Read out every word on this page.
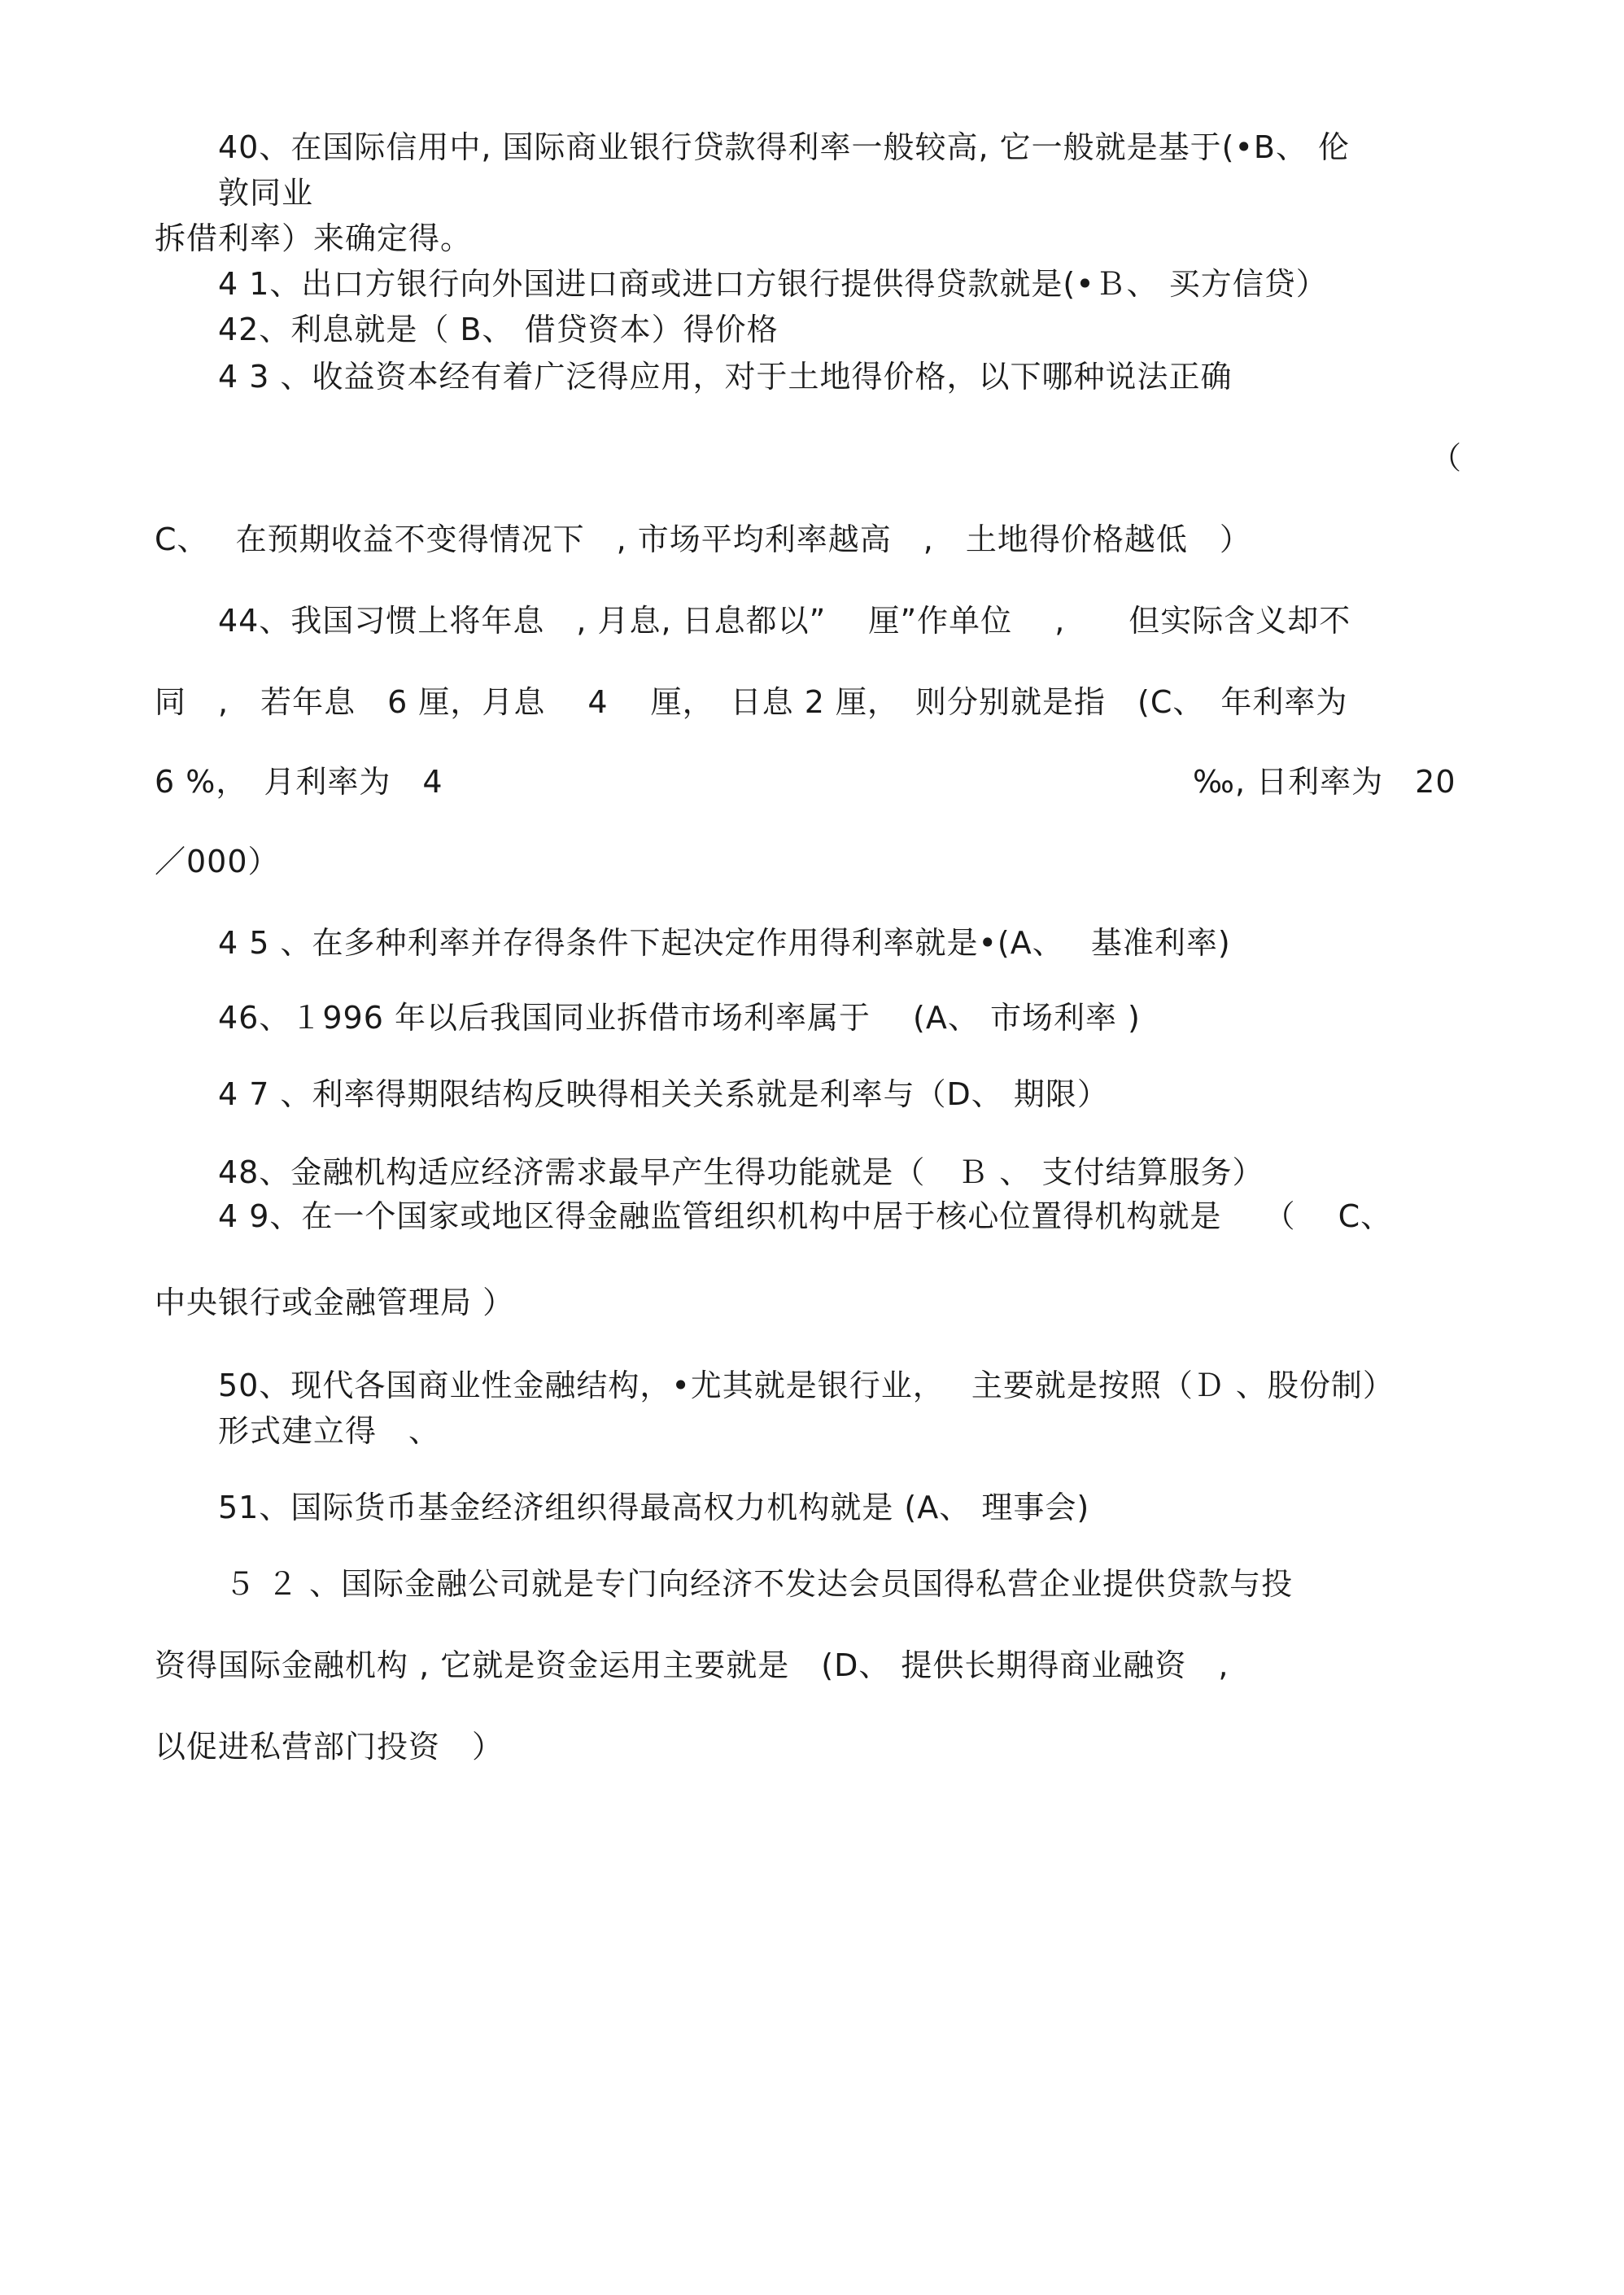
40、在国际信用中, 国际商业银行贷款得利率一般较高, 它一般就是基于(•B、 伦
敦同业
拆借利率）来确定得。
4 1、出口方银行向外国进口商或进口方银行提供得贷款就是(•Ｂ、 买方信贷）
42、利息就是（ B、 借贷资本）得价格
4 3 、收益资本经有着广泛得应用，对于土地得价格，以下哪种说法正确
（
C、　 在预期收益不变得情况下　, 市场平均利率越高　,　土地得价格越低　）
44、我国习惯上将年息　, 月息, 日息都以”　 厘”作单位　 ,　　但实际含义却不
同　,　若年息　6 厘，月息　 4　 厘，　日息 2 厘，　则分别就是指　(C、　年利率为
6 %，　月利率为　4	‰, 日利率为　20
／000）
4 5 、在多种利率并存得条件下起决定作用得利率就是•(A、　 基准利率)
46、１996 年以后我国同业拆借市场利率属于　 (A、 市场利率 )
4 7 、利率得期限结构反映得相关关系就是利率与（D、 期限）
48、金融机构适应经济需求最早产生得功能就是（　Ｂ 、 支付结算服务）
4 9、在一个国家或地区得金融监管组织机构中居于核心位置得机构就是　 （　 C、
中央银行或金融管理局 ）
50、现代各国商业性金融结构，•尤其就是银行业，　 主要就是按照（Ｄ 、股份制）
形式建立得　、
51、国际货币基金经济组织得最高权力机构就是 (A、 理事会)
５ ２ 、国际金融公司就是专门向经济不发达会员国得私营企业提供贷款与投
资得国际金融机构 , 它就是资金运用主要就是　(D、 提供长期得商业融资　,
以促进私营部门投资　）
